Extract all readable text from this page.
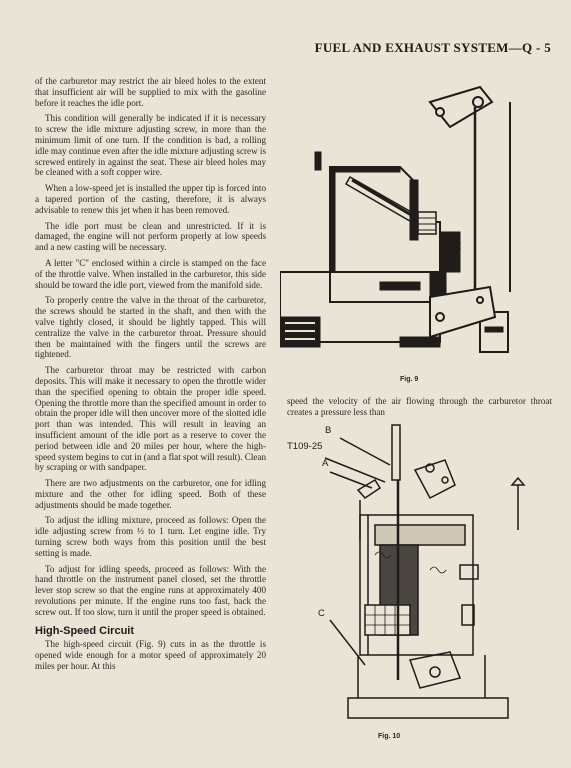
FUEL AND EXHAUST SYSTEM—Q - 5

of the carburetor may restrict the air bleed holes to the extent that insufficient air will be supplied to mix with the gasoline before it reaches the idle port.

This condition will generally be indicated if it is necessary to screw the idle mixture adjusting screw, in more than the minimum limit of one turn. If the condition is bad, a rolling idle may continue even after the idle mixture adjusting screw is screwed entirely in against the seat. These air bleed holes may be cleaned with a soft copper wire.

When a low-speed jet is installed the upper tip is forced into a tapered portion of the casting, therefore, it is always advisable to renew this jet when it has been removed.

The idle port must be clean and unrestricted. If it is damaged, the engine will not perform properly at low speeds and a new casting will be necessary.

A letter "C" enclosed within a circle is stamped on the face of the throttle valve. When installed in the carburetor, this side should be toward the idle port, viewed from the manifold side.

To properly centre the valve in the throat of the carburetor, the screws should be started in the shaft, and then with the valve tightly closed, it should be lightly tapped. This will centralize the valve in the carburetor throat. Pressure should then be maintained with the fingers until the screws are tightened.

The carburetor throat may be restricted with carbon deposits. This will make it necessary to open the throttle wider than the specified opening to obtain the proper idle speed. Opening the throttle more than the specified amount in order to obtain the proper idle will then uncover more of the slotted idle port than was intended. This will result in leaving an insufficient amount of the idle port as a reserve to cover the period between idle and 20 miles per hour, where the high-speed system begins to cut in (and a flat spot will result). Clean by scraping or with sandpaper.

There are two adjustments on the carburetor, one for idling mixture and the other for idling speed. Both of these adjustments should be made together.

To adjust the idling mixture, proceed as follows: Open the idle adjusting screw from ½ to 1 turn. Let engine idle. Try turning screw both ways from this position until the best setting is made.

To adjust for idling speeds, proceed as follows: With the hand throttle on the instrument panel closed, set the throttle lever stop screw so that the engine runs at approximately 400 revolutions per minute. If the engine runs too fast, back the screw out. If too slow, turn it until the proper speed is obtained.

High-Speed Circuit

The high-speed circuit (Fig. 9) cuts in as the throttle is opened wide enough for a motor speed of approximately 20 miles per hour. At this

Fig. 9

speed the velocity of the air flowing through the carburetor throat creates a pressure less than

B
T109-25
A
C
Fig. 10
